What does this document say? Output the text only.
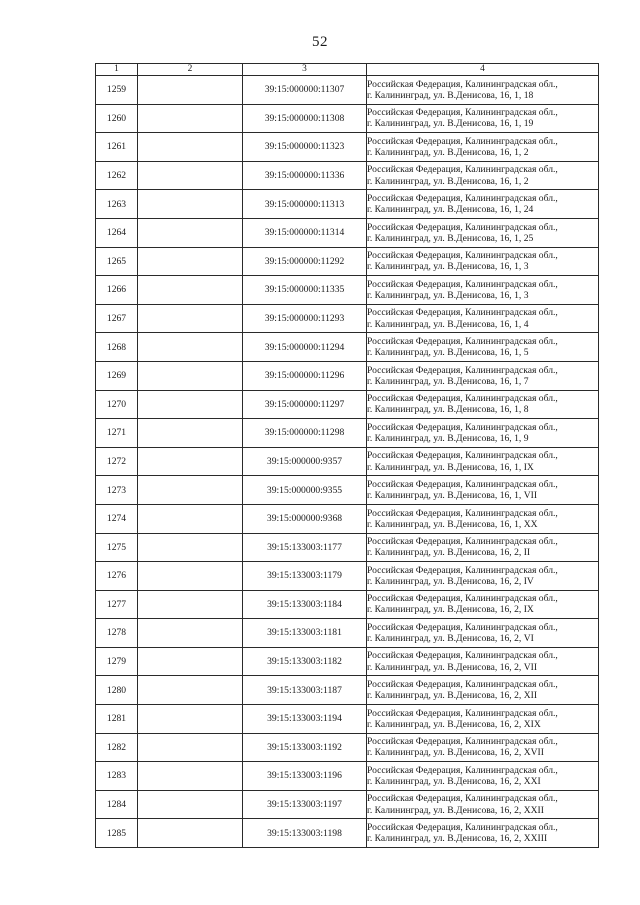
52
1	2	3	4
1259		39:15:000000:11307	Российская Федерация, Калининградская обл.,
г. Калининград, ул. В.Денисова, 16, 1, 18

1260		39:15:000000:11308	Российская Федерация, Калининградская обл.,
г. Калининград, ул. В.Денисова, 16, 1, 19

1261		39:15:000000:11323	Российская Федерация, Калининградская обл.,
г. Калининград, ул. В.Денисова, 16, 1, 2

1262		39:15:000000:11336	Российская Федерация, Калининградская обл.,
г. Калининград, ул. В.Денисова, 16, 1, 2

1263		39:15:000000:11313	Российская Федерация, Калининградская обл.,
г. Калининград, ул. В.Денисова, 16, 1, 24

1264		39:15:000000:11314	Российская Федерация, Калининградская обл.,
г. Калининград, ул. В.Денисова, 16, 1, 25

1265		39:15:000000:11292	Российская Федерация, Калининградская обл.,
г. Калининград, ул. В.Денисова, 16, 1, 3

1266		39:15:000000:11335	Российская Федерация, Калининградская обл.,
г. Калининград, ул. В.Денисова, 16, 1, 3

1267		39:15:000000:11293	Российская Федерация, Калининградская обл.,
г. Калининград, ул. В.Денисова, 16, 1, 4

1268		39:15:000000:11294	Российская Федерация, Калининградская обл.,
г. Калининград, ул. В.Денисова, 16, 1, 5

1269		39:15:000000:11296	Российская Федерация, Калининградская обл.,
г. Калининград, ул. В.Денисова, 16, 1, 7

1270		39:15:000000:11297	Российская Федерация, Калининградская обл.,
г. Калининград, ул. В.Денисова, 16, 1, 8

1271		39:15:000000:11298	Российская Федерация, Калининградская обл.,
г. Калининград, ул. В.Денисова, 16, 1, 9

1272		39:15:000000:9357	Российская Федерация, Калининградская обл.,
г. Калининград, ул. В.Денисова, 16, 1, IX

1273		39:15:000000:9355	Российская Федерация, Калининградская обл.,
г. Калининград, ул. В.Денисова, 16, 1, VII

1274		39:15:000000:9368	Российская Федерация, Калининградская обл.,
г. Калининград, ул. В.Денисова, 16, 1, XX

1275		39:15:133003:1177	Российская Федерация, Калининградская обл.,
г. Калининград, ул. В.Денисова, 16, 2, II

1276		39:15:133003:1179	Российская Федерация, Калининградская обл.,
г. Калининград, ул. В.Денисова, 16, 2, IV

1277		39:15:133003:1184	Российская Федерация, Калининградская обл.,
г. Калининград, ул. В.Денисова, 16, 2, IX

1278		39:15:133003:1181	Российская Федерация, Калининградская обл.,
г. Калининград, ул. В.Денисова, 16, 2, VI

1279		39:15:133003:1182	Российская Федерация, Калининградская обл.,
г. Калининград, ул. В.Денисова, 16, 2, VII

1280		39:15:133003:1187	Российская Федерация, Калининградская обл.,
г. Калининград, ул. В.Денисова, 16, 2, XII

1281		39:15:133003:1194	Российская Федерация, Калининградская обл.,
г. Калининград, ул. В.Денисова, 16, 2, XIX

1282		39:15:133003:1192	Российская Федерация, Калининградская обл.,
г. Калининград, ул. В.Денисова, 16, 2, XVII

1283		39:15:133003:1196	Российская Федерация, Калининградская обл.,
г. Калининград, ул. В.Денисова, 16, 2, XXI

1284		39:15:133003:1197	Российская Федерация, Калининградская обл.,
г. Калининград, ул. В.Денисова, 16, 2, XXII

1285		39:15:133003:1198	Российская Федерация, Калининградская обл.,
г. Калининград, ул. В.Денисова, 16, 2, XXIII
